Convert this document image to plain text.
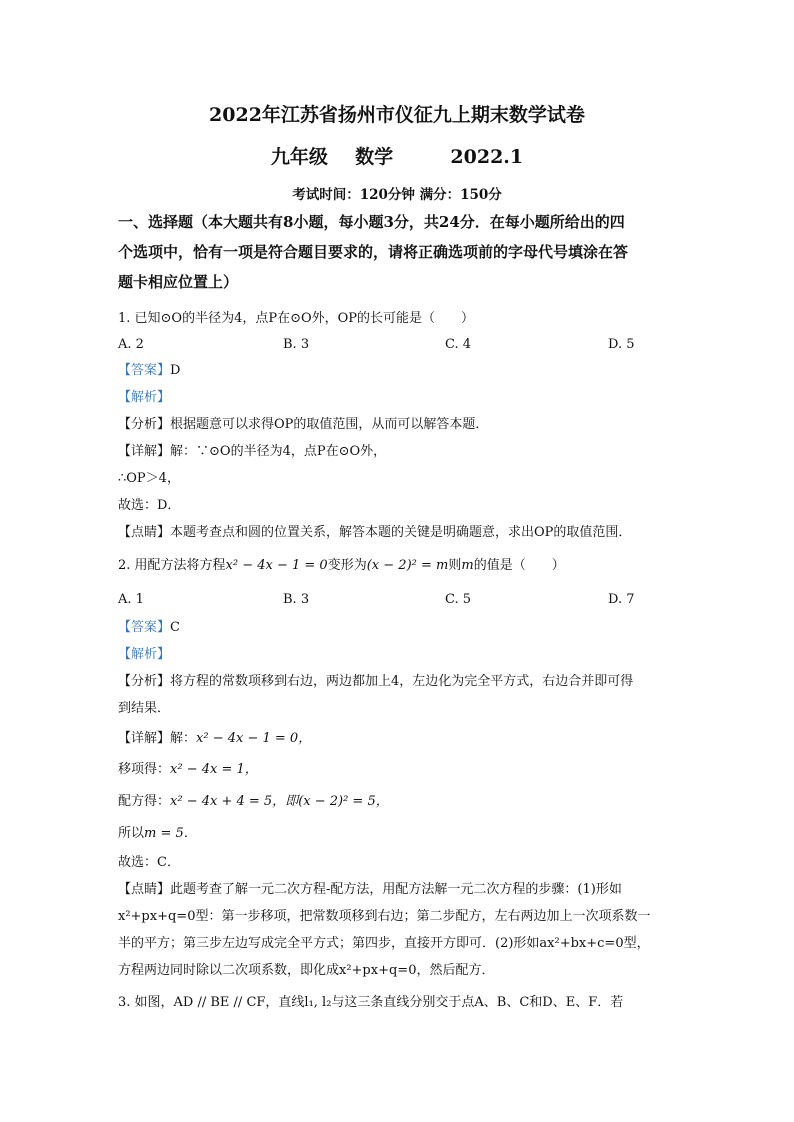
2022年江苏省扬州市仪征九上期末数学试卷
九年级 数学	2022.1
考试时间：120分钟 满分：150分
一、选择题（本大题共有8小题，每小题3分，共24分．在每小题所给出的四
个选项中，恰有一项是符合题目要求的，请将正确选项前的字母代号填涂在答
题卡相应位置上）
1. 已知⊙O的半径为4，点P在⊙O外，OP的长可能是（　　）
A. 2	B. 3	C. 4	D. 5
【答案】D
【解析】
【分析】根据题意可以求得OP的取值范围，从而可以解答本题．
【详解】解：∵⊙O的半径为4，点P在⊙O外，
∴OP＞4，
故选：D．
【点睛】本题考查点和圆的位置关系，解答本题的关键是明确题意，求出OP的取值范围．
2. 用配方法将方程x² − 4x − 1 = 0变形为(x − 2)² = m则m的值是（　　）
A. 1	B. 3	C. 5	D. 7
【答案】C
【解析】
【分析】将方程的常数项移到右边，两边都加上4，左边化为完全平方式，右边合并即可得
到结果．
【详解】解：x² − 4x − 1 = 0，
移项得：x² − 4x = 1，
配方得：x² − 4x + 4 = 5，即(x − 2)² = 5，
所以m = 5．
故选：C．
【点睛】此题考查了解一元二次方程-配方法，用配方法解一元二次方程的步骤：(1)形如
x²+px+q=0型：第一步移项，把常数项移到右边；第二步配方，左右两边加上一次项系数一
半的平方；第三步左边写成完全平方式；第四步，直接开方即可．(2)形如ax²+bx+c=0型，
方程两边同时除以二次项系数，即化成x²+px+q=0，然后配方．
3. 如图，AD // BE // CF，直线l₁, l₂与这三条直线分别交于点A、B、C和D、E、F．若
